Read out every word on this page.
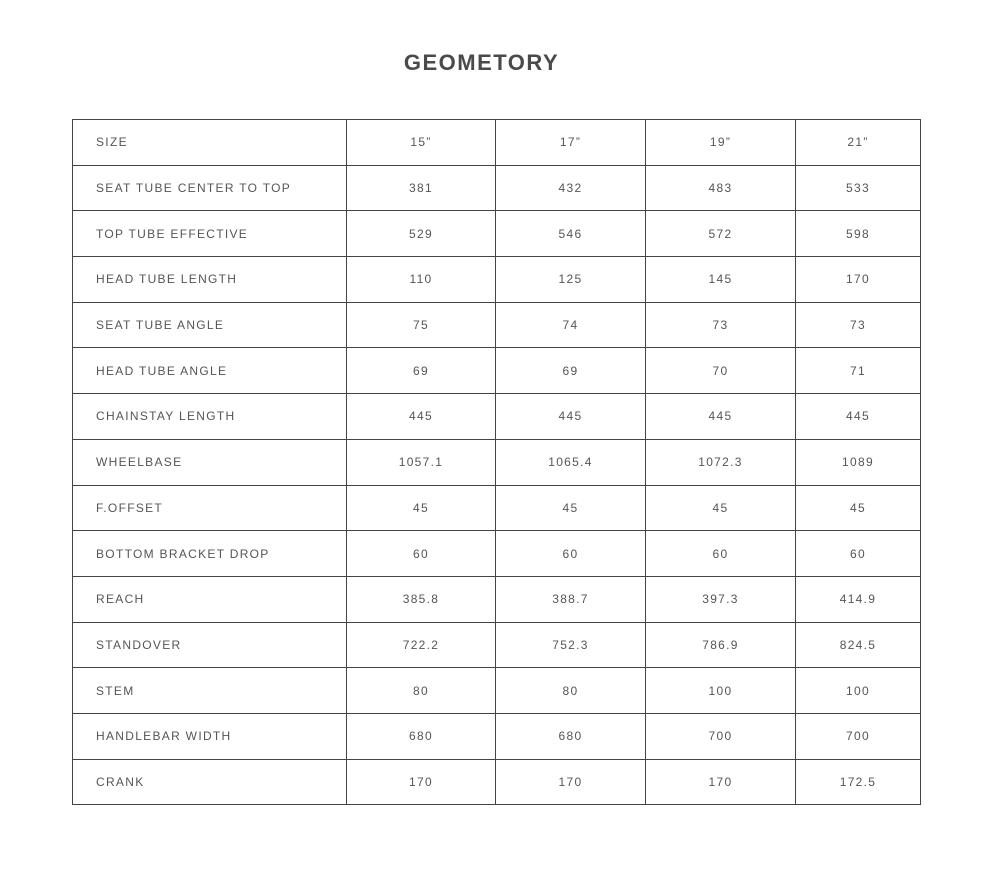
GEOMETORY
SIZE	15”	17”	19”	21”
SEAT TUBE CENTER TO TOP	381	432	483	533
TOP TUBE EFFECTIVE	529	546	572	598
HEAD TUBE LENGTH	110	125	145	170
SEAT TUBE ANGLE	75	74	73	73
HEAD TUBE ANGLE	69	69	70	71
CHAINSTAY LENGTH	445	445	445	445
WHEELBASE	1057.1	1065.4	1072.3	1089
F.OFFSET	45	45	45	45
BOTTOM BRACKET DROP	60	60	60	60
REACH	385.8	388.7	397.3	414.9
STANDOVER	722.2	752.3	786.9	824.5
STEM	80	80	100	100
HANDLEBAR WIDTH	680	680	700	700
CRANK	170	170	170	172.5
